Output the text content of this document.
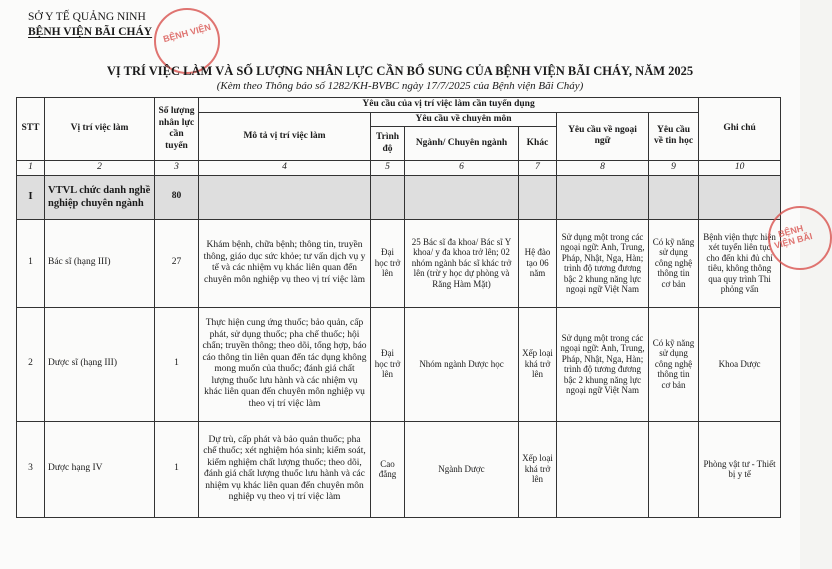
SỞ Y TẾ QUẢNG NINH
BỆNH VIỆN BÃI CHÁY BỆNH VIỆN
VỊ TRÍ VIỆC LÀM VÀ SỐ LƯỢNG NHÂN LỰC CẦN BỔ SUNG CỦA BỆNH VIỆN BÃI CHÁY, NĂM 2025
(Kèm theo Thông báo số 1282/KH-BVBC ngày 17/7/2025 của Bệnh viện Bãi Cháy)
STT	Vị trí việc làm	Số lượng nhân lực cần tuyển	Yêu cầu của vị trí việc làm cần tuyển dụng						Ghi chú
			Mô tả vị trí việc làm	Yêu cầu về chuyên môn			Yêu cầu về ngoại ngữ	Yêu cầu về tin học	
				Trình độ	Ngành/ Chuyên ngành	Khác			
1	2	3	4	5	6	7	8	9	10
I	VTVL chức danh nghề nghiệp chuyên ngành	80							
1	Bác sĩ (hạng III)	27	Khám bệnh, chữa bệnh; thông tin, truyền thông, giáo dục sức khỏe; tư vấn dịch vụ y tế và các nhiệm vụ khác liên quan đến chuyên môn nghiệp vụ theo vị trí việc làm	Đại học trở lên	25 Bác sĩ đa khoa/ Bác sĩ Y khoa/ y đa khoa trở lên; 02 nhóm ngành bác sĩ khác trở lên (trừ y học dự phòng và Răng Hàm Mặt)	Hệ đào tạo 06 năm	Sử dụng một trong các ngoại ngữ: Anh, Trung, Pháp, Nhật, Nga, Hàn; trình độ tương đương bậc 2 khung năng lực ngoại ngữ Việt Nam	Có kỹ năng sử dụng công nghệ thông tin cơ bản	Bệnh viện thực hiện xét tuyển liên tục cho đến khi đủ chỉ tiêu, không thông qua quy trình Thi phỏng vấn
2	Dược sĩ (hạng III)	1	Thực hiện cung ứng thuốc; bảo quản, cấp phát, sử dụng thuốc; pha chế thuốc; hội chẩn; truyền thông; theo dõi, tổng hợp, báo cáo thông tin liên quan đến tác dụng không mong muốn của thuốc; đánh giá chất lượng thuốc lưu hành và các nhiệm vụ khác liên quan đến chuyên môn nghiệp vụ theo vị trí việc làm	Đại học trở lên	Nhóm ngành Dược học	Xếp loại khá trở lên	Sử dụng một trong các ngoại ngữ: Anh, Trung, Pháp, Nhật, Nga, Hàn; trình độ tương đương bậc 2 khung năng lực ngoại ngữ Việt Nam	Có kỹ năng sử dụng công nghệ thông tin cơ bản	Khoa Dược
3	Dược hạng IV	1	Dự trù, cấp phát và bảo quản thuốc; pha chế thuốc; xét nghiệm hóa sinh; kiểm soát, kiểm nghiệm chất lượng thuốc; theo dõi, đánh giá chất lượng thuốc lưu hành và các nhiệm vụ khác liên quan đến chuyên môn nghiệp vụ theo vị trí việc làm	Cao đẳng	Ngành Dược	Xếp loại khá trở lên			Phòng vật tư - Thiết bị y tế
BỆNH VIỆN BÃI
